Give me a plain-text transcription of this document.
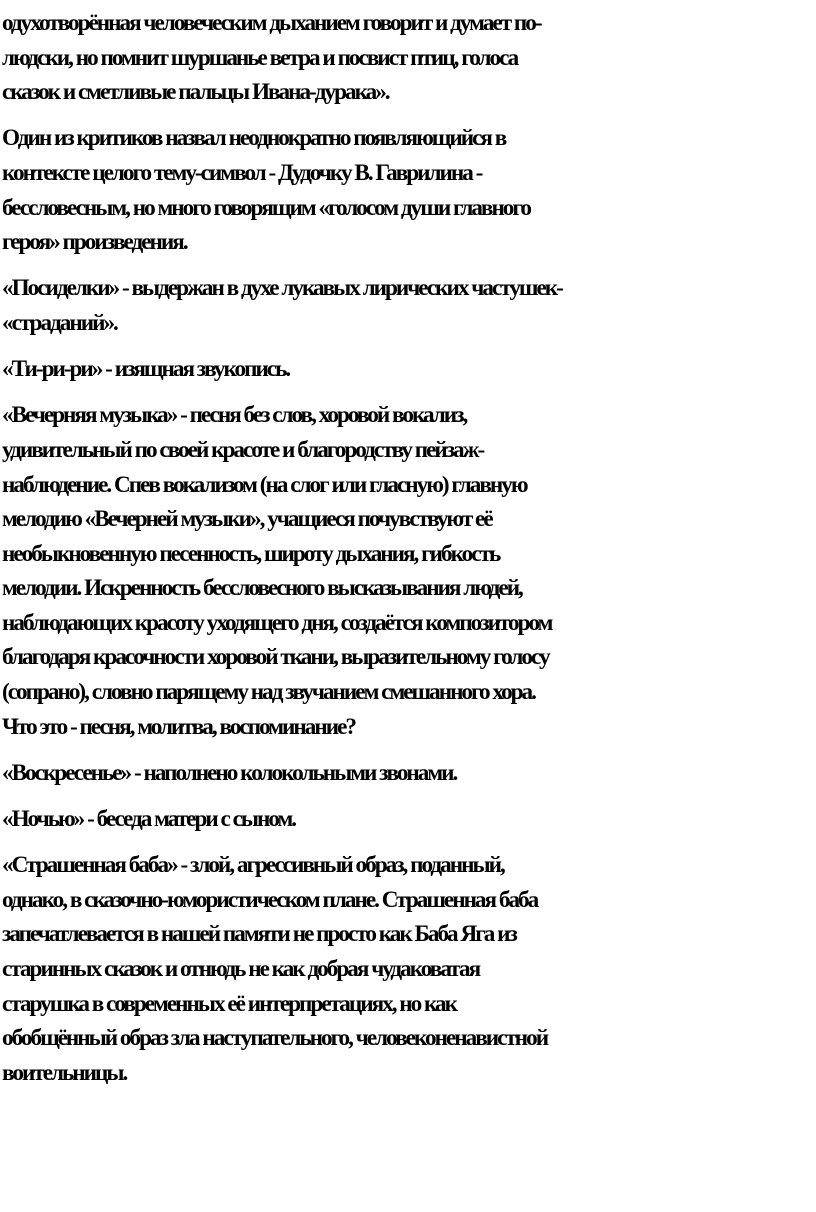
одухотворённая человеческим дыханием говорит и думает по-
людски, но помнит шуршанье ветра и посвист птиц, голоса
сказок и сметливые пальцы Ивана-дурака».
Один из критиков назвал неоднократно появляющийся в
контексте целого тему-символ - Дудочку В. Гаврилина -
бессловесным, но много говорящим «голосом души главного
героя» произведения.
«Посиделки» - выдержан в духе лукавых лирических частушек-
«страданий».
«Ти-ри-ри» - изящная звукопись.
«Вечерняя музыка» - песня без слов, хоровой вокализ,
удивительный по своей красоте и благородству пейзаж-
наблюдение. Спев вокализом (на слог или гласную) главную
мелодию «Вечерней музыки», учащиеся почувствуют её
необыкновенную песенность, широту дыхания, гибкость
мелодии. Искренность бессловесного высказывания людей,
наблюдающих красоту уходящего дня, создаётся композитором
благодаря красочности хоровой ткани, выразительному голосу
(сопрано), словно парящему над звучанием смешанного хора.
Что это - песня, молитва, воспоминание?
«Воскресенье» - наполнено колокольными звонами.
«Ночью» - беседа матери с сыном.
«Страшенная баба» - злой, агрессивный образ, поданный,
однако, в сказочно-юмористическом плане. Страшенная баба
запечатлевается в нашей памяти не просто как Баба Яга из
старинных сказок и отнюдь не как добрая чудаковатая
старушка в современных её интерпретациях, но как
обобщённый образ зла наступательного, человеконенавистной
воительницы.
